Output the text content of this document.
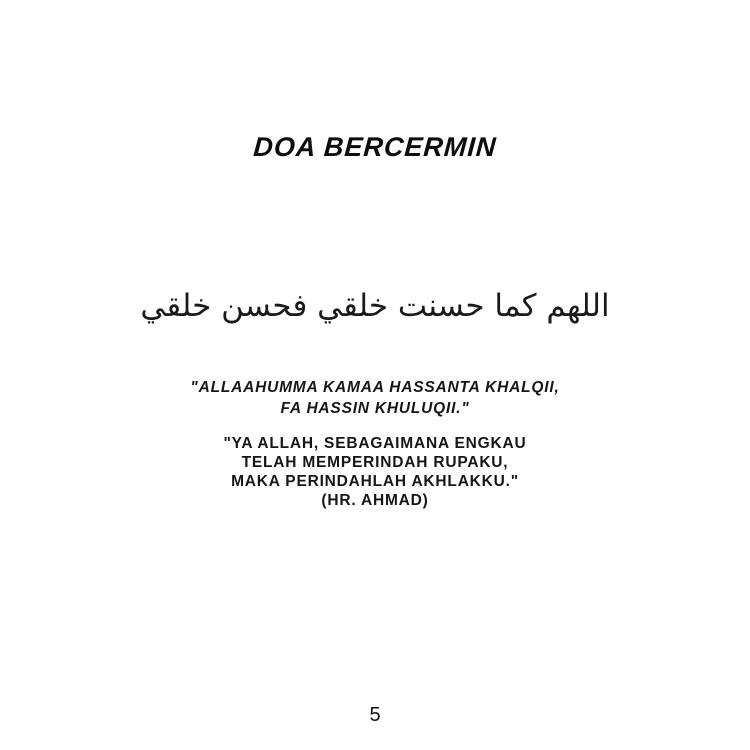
DOA BERCERMIN
اللهم كما حسنت خلقي فحسن خلقي
"ALLAAHUMMA KAMAA HASSANTA KHALQII,
FA HASSIN KHULUQII."
"YA ALLAH, SEBAGAIMANA ENGKAU
TELAH MEMPERINDAH RUPAKU,
MAKA PERINDAHLAH AKHLAKKU."
(HR. AHMAD)
5
